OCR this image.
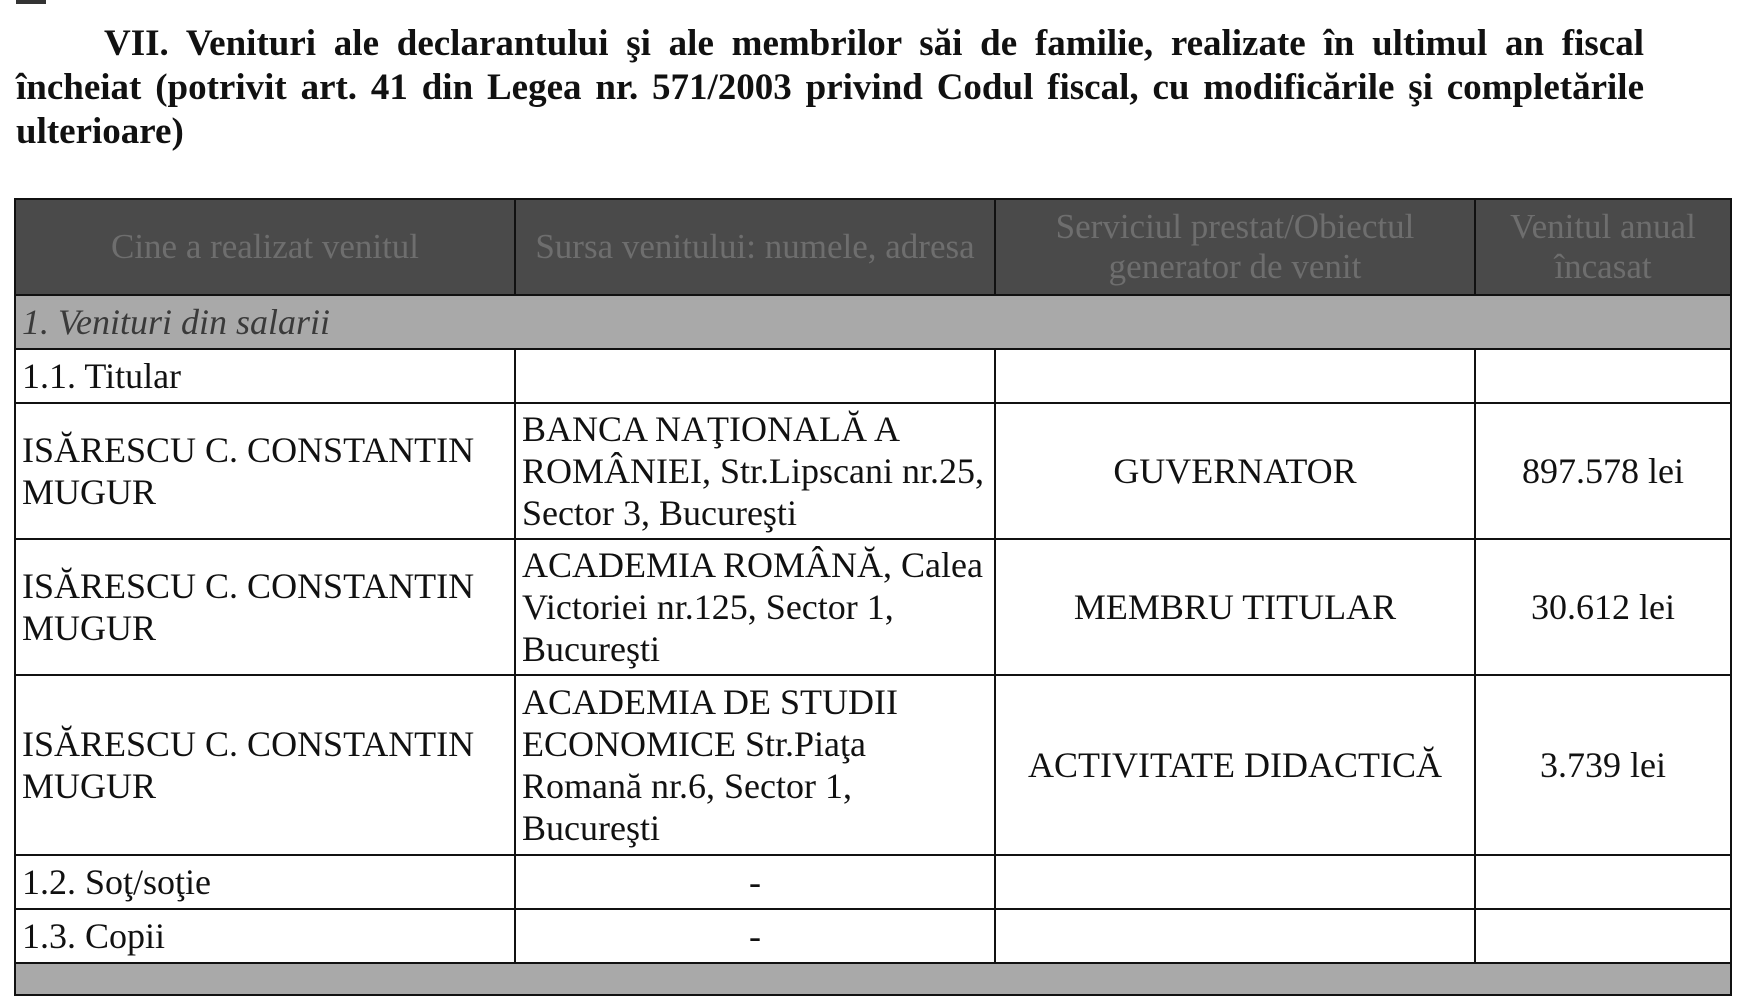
VII. Venituri ale declarantului şi ale membrilor săi de familie, realizate în ultimul an fiscal încheiat (potrivit art. 41 din Legea nr. 571/2003 privind Codul fiscal, cu modificările şi completările ulterioare)
Cine a realizat venitul	Sursa venitului: numele, adresa	Serviciul prestat/Obiectul generator de venit	Venitul anual încasat
1. Venituri din salarii			
1.1. Titular			
ISĂRESCU C. CONSTANTIN MUGUR	BANCA NAŢIONALĂ A ROMÂNIEI, Str.Lipscani nr.25, Sector 3, Bucureşti	GUVERNATOR	897.578 lei
ISĂRESCU C. CONSTANTIN MUGUR	ACADEMIA ROMÂNĂ, Calea Victoriei nr.125, Sector 1, Bucureşti	MEMBRU TITULAR	30.612 lei
ISĂRESCU C. CONSTANTIN MUGUR	ACADEMIA DE STUDII ECONOMICE Str.Piaţa Romană nr.6, Sector 1, Bucureşti	ACTIVITATE DIDACTICĂ	3.739 lei
1.2. Soţ/soţie	-		
1.3. Copii	-		
